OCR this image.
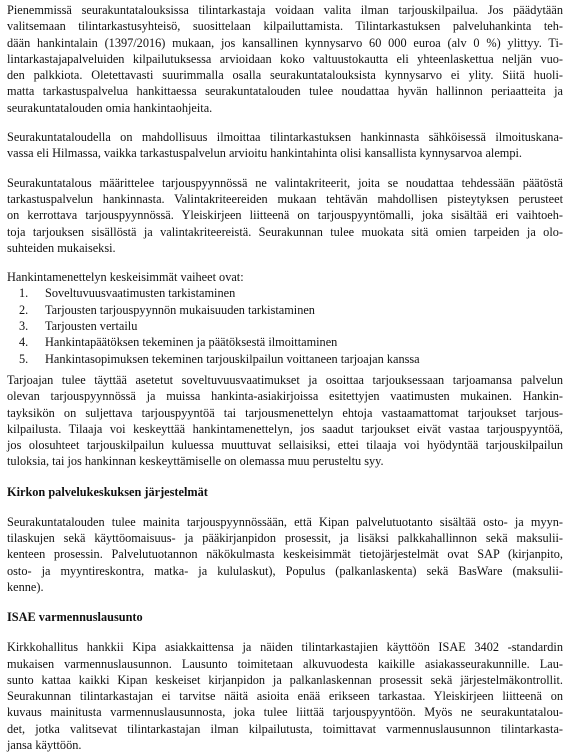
Pienemmissä seurakuntatalouksissa tilintarkastaja voidaan valita ilman tarjouskilpailua. Jos päädytään
valitsemaan tilintarkastusyhteisö, suosittelaan kilpailuttamista. Tilintarkastuksen palveluhankinta teh-
dään hankintalain (1397/2016) mukaan, jos kansallinen kynnysarvo 60 000 euroa (alv 0 %) ylittyy. Ti-
lintarkastajapalveluiden kilpailutuksessa arvioidaan koko valtuustokautta eli yhteenlaskettua neljän vuo-
den palkkiota. Oletettavasti suurimmalla osalla seurakuntatalouksista kynnysarvo ei ylity. Siitä huoli-
matta tarkastuspalvelua hankittaessa seurakuntatalouden tulee noudattaa hyvän hallinnon periaatteita ja
seurakuntatalouden omia hankintaohjeita.
Seurakuntataloudella on mahdollisuus ilmoittaa tilintarkastuksen hankinnasta sähköisessä ilmoituskana-
vassa eli Hilmassa, vaikka tarkastuspalvelun arvioitu hankintahinta olisi kansallista kynnysarvoa alempi.
Seurakuntatalous määrittelee tarjouspyynnössä ne valintakriteerit, joita se noudattaa tehdessään päätöstä
tarkastuspalvelun hankinnasta. Valintakriteereiden mukaan tehtävän mahdollisen pisteytyksen perusteet
on kerrottava tarjouspyynnössä. Yleiskirjeen liitteenä on tarjouspyyntömalli, joka sisältää eri vaihtoeh-
toja tarjouksen sisällöstä ja valintakriteereistä. Seurakunnan tulee muokata sitä omien tarpeiden ja olo-
suhteiden mukaiseksi.
Hankintamenettelyn keskeisimmät vaiheet ovat:
1. Soveltuvuusvaatimusten tarkistaminen
2. Tarjousten tarjouspyynnön mukaisuuden tarkistaminen
3. Tarjousten vertailu
4. Hankintapäätöksen tekeminen ja päätöksestä ilmoittaminen
5. Hankintasopimuksen tekeminen tarjouskilpailun voittaneen tarjoajan kanssa
Tarjoajan tulee täyttää asetetut soveltuvuusvaatimukset ja osoittaa tarjouksessaan tarjoamansa palvelun
olevan tarjouspyynnössä ja muissa hankinta-asiakirjoissa esitettyjen vaatimusten mukainen. Hankin-
tayksikön on suljettava tarjouspyyntöä tai tarjousmenettelyn ehtoja vastaamattomat tarjoukset tarjous-
kilpailusta. Tilaaja voi keskeyttää hankintamenettelyn, jos saadut tarjoukset eivät vastaa tarjouspyyntöä,
jos olosuhteet tarjouskilpailun kuluessa muuttuvat sellaisiksi, ettei tilaaja voi hyödyntää tarjouskilpailun
tuloksia, tai jos hankinnan keskeyttämiselle on olemassa muu perusteltu syy.
Kirkon palvelukeskuksen järjestelmät
Seurakuntatalouden tulee mainita tarjouspyynnössään, että Kipan palvelutuotanto sisältää osto- ja myyn-
tilaskujen sekä käyttöomaisuus- ja pääkirjanpidon prosessit, ja lisäksi palkkahallinnon sekä maksulii-
kenteen prosessin. Palvelutuotannon näkökulmasta keskeisimmät tietojärjestelmät ovat SAP (kirjanpito,
osto- ja myyntireskontra, matka- ja kululaskut), Populus (palkanlaskenta) sekä BasWare (maksulii-
kenne).
ISAE varmennuslausunto
Kirkkohallitus hankkii Kipa asiakkaittensa ja näiden tilintarkastajien käyttöön ISAE 3402 -standardin
mukaisen varmennuslausunnon. Lausunto toimitetaan alkuvuodesta kaikille asiakasseurakunnille. Lau-
sunto kattaa kaikki Kipan keskeiset kirjanpidon ja palkanlaskennan prosessit sekä järjestelmäkontrollit.
Seurakunnan tilintarkastajan ei tarvitse näitä asioita enää erikseen tarkastaa. Yleiskirjeen liitteenä on
kuvaus mainitusta varmennuslausunnosta, joka tulee liittää tarjouspyyntöön. Myös ne seurakuntatalou-
det, jotka valitsevat tilintarkastajan ilman kilpailutusta, toimittavat varmennuslausunnon tilintarkasta-
jansa käyttöön.
